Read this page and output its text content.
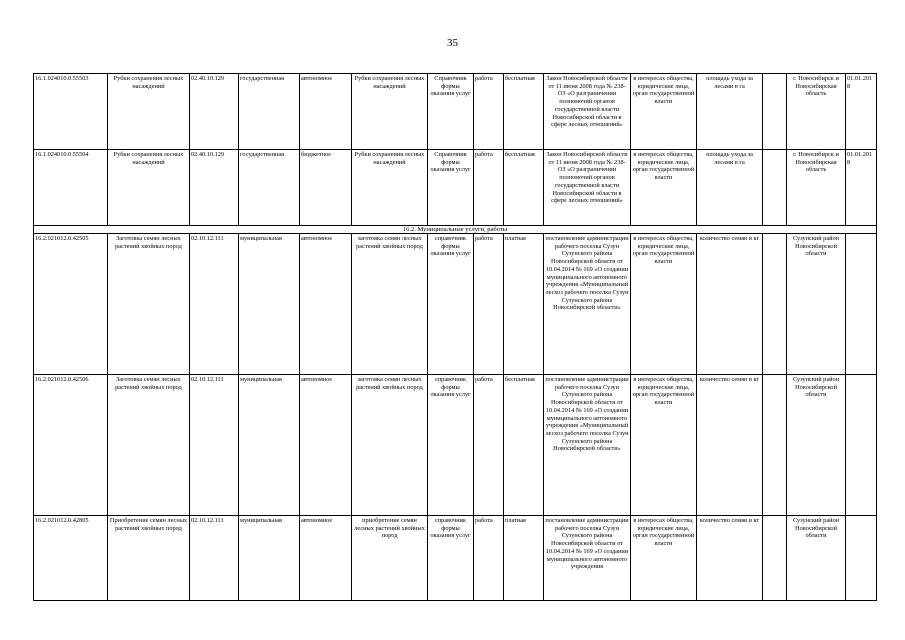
35
16.1.024010.0.55503	Рубки сохранения лесных насаждений	02.40.10.129	государственная	автономное	Рубки сохранения лесных насаждений	Справочник формы оказания услуг	работа	бесплатная	Закон Новосибирской области от 11 июня 2008 года № 238-ОЗ «О разграничении полномочий органов государственной власти Новосибирской области в сфере лесных отношений»	в интересах общества, юридические лица, орган государственной власти	площадь ухода за лесами в га		г. Новосибирск и Новосибирская область	01.01.2018
16.1.024010.0.55504	Рубки сохранения лесных насаждений	02.40.10.129	государственная	бюджетное	Рубки сохранения лесных насаждений	Справочник формы оказания услуг	работа	бесплатная	Закон Новосибирской области от 11 июня 2008 года № 238-ОЗ «О разграничении полномочий органов государственной власти Новосибирской области в сфере лесных отношений»	в интересах общества, юридические лица, орган государственной власти	площадь ухода за лесами в га		г. Новосибирск и Новосибирская область	01.01.2018
16.2. Муниципальные услуги, работы														
16.2.021012.0.42505	Заготовка семян лесных растений хвойных пород	02.10.12.111	муниципальная	автономное	заготовка семян лесных растений хвойных пород	справочник формы оказания услуг	работа	платная	постановление администрации рабочего поселка Сузун Сузунского района Новосибирской области от 10.04.2014 № 169 «О создании муниципального автономного учреждения «Муниципальный лесхоз рабочего поселка Сузун Сузунского района Новосибирской области»	в интересах общества, юридические лица, орган государственной власти	количество семян в кг		Сузунский район Новосибирской области	
16.2.021012.0.42506	Заготовка семян лесных растений хвойных пород	02.10.12.111	муниципальная	автономное	заготовка семян лесных растений хвойных пород	справочник формы оказания услуг	работа	бесплатная	постановление администрации рабочего поселка Сузун Сузунского района Новосибирской области от 10.04.2014 № 169 «О создании муниципального автономного учреждения «Муниципальный лесхоз рабочего поселка Сузун Сузунского района Новосибирской области»	в интересах общества, юридические лица, орган государственной власти	количество семян в кг		Сузунский район Новосибирской области	
16.2.021012.0.42805	Приобретение семян лесных растений хвойных пород	02.10.12.111	муниципальная	автономное	приобретение семян лесных растений хвойных пород	справочник формы оказания услуг	работа	платная	постановление администрации рабочего поселка Сузун Сузунского района Новосибирской области от 10.04.2014 № 169 «О создании муниципального автономного учреждения	в интересах общества, юридические лица, орган государственной власти	количество семян в кг		Сузунский район Новосибирской области	
